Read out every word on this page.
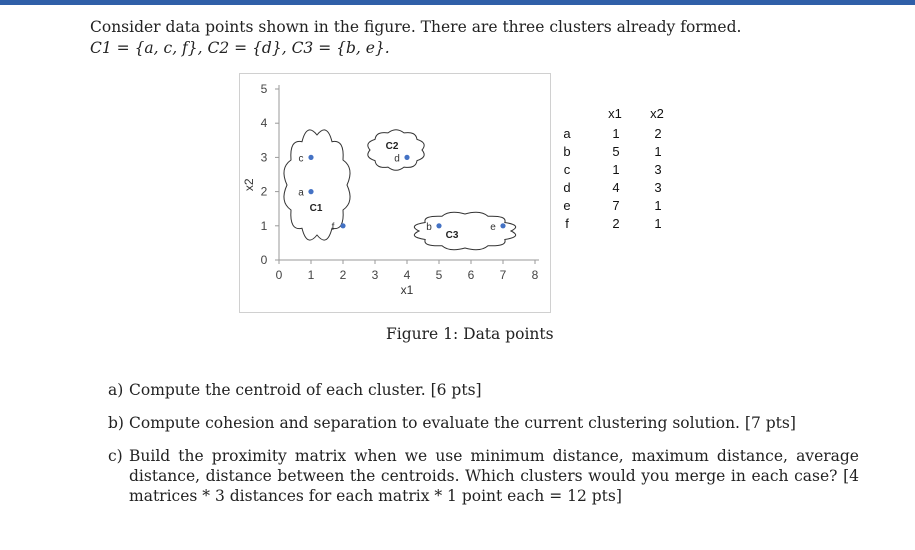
Consider data points shown in the figure. There are three clusters already formed.
C1 = {a, c, f}, C2 = {d}, C3 = {b, e}.
0
1
2
3
4
5
0 1 2 3 4 5 6 7 8
x1
x2
C1
C2
C3
a
b
c	d
e
f
x1 x2
a	1	2
b	5	1
c	1	3
d	4	3
e	7	1
f	2	1
Figure 1: Data points
a) Compute the centroid of each cluster. [6 pts]
b) Compute cohesion and separation to evaluate the current clustering solution. [7 pts]
c) Build the proximity matrix when we use minimum distance, maximum distance, average distance, distance between the centroids. Which clusters would you merge in each case? [4 matrices * 3 distances for each matrix * 1 point each = 12 pts]
